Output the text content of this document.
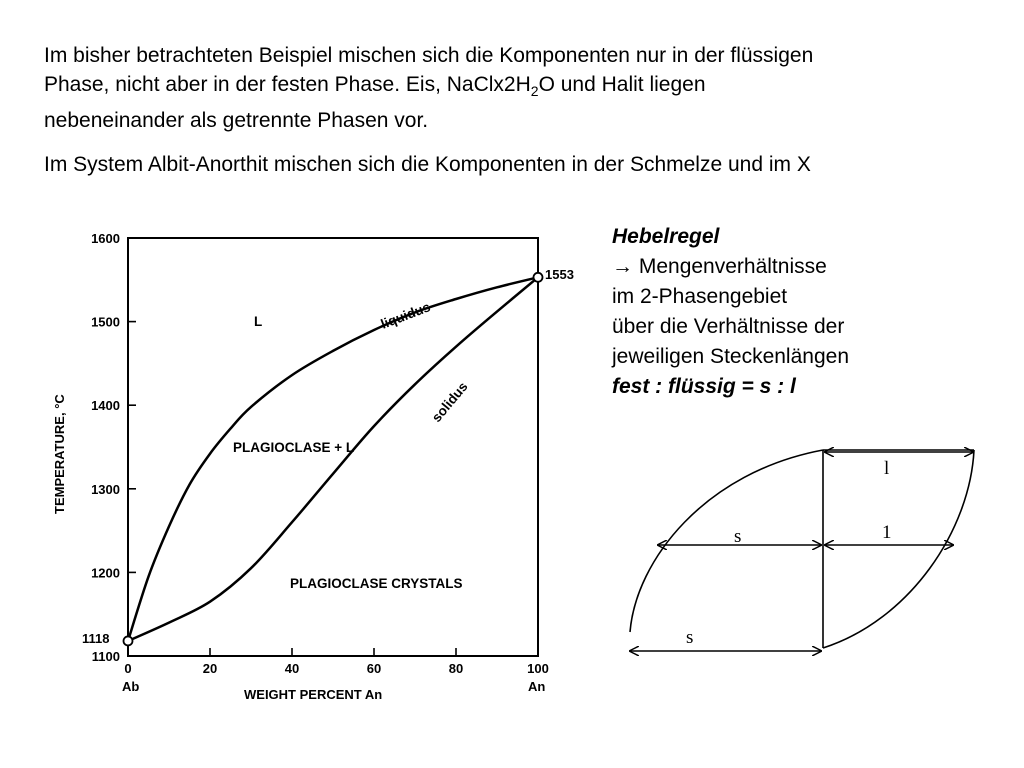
Im bisher betrachteten Beispiel mischen sich die Komponenten nur in der flüssigen
Phase, nicht aber in der festen Phase. Eis, $NaClx2H_2O$ und Halit liegen
nebeneinander als getrennte Phasen vor.

Im System Albit-Anorthit mischen sich die Komponenten in der Schmelze und im X

1600
1500
1400
1300
1200
1100
0	20	40	60	80	100
1118
1553
Ab	An
WEIGHT PERCENT An
TEMPERATURE, °C
L
PLAGIOCLASE + L
PLAGIOCLASE CRYSTALS
liquidus
solidus
Hebelregel
→ Mengenverhältnisse
im 2-Phasengebiet
über die Verhältnisse der
jeweiligen Steckenlängen
fest : flüssig = s : l
l
s	1
s
